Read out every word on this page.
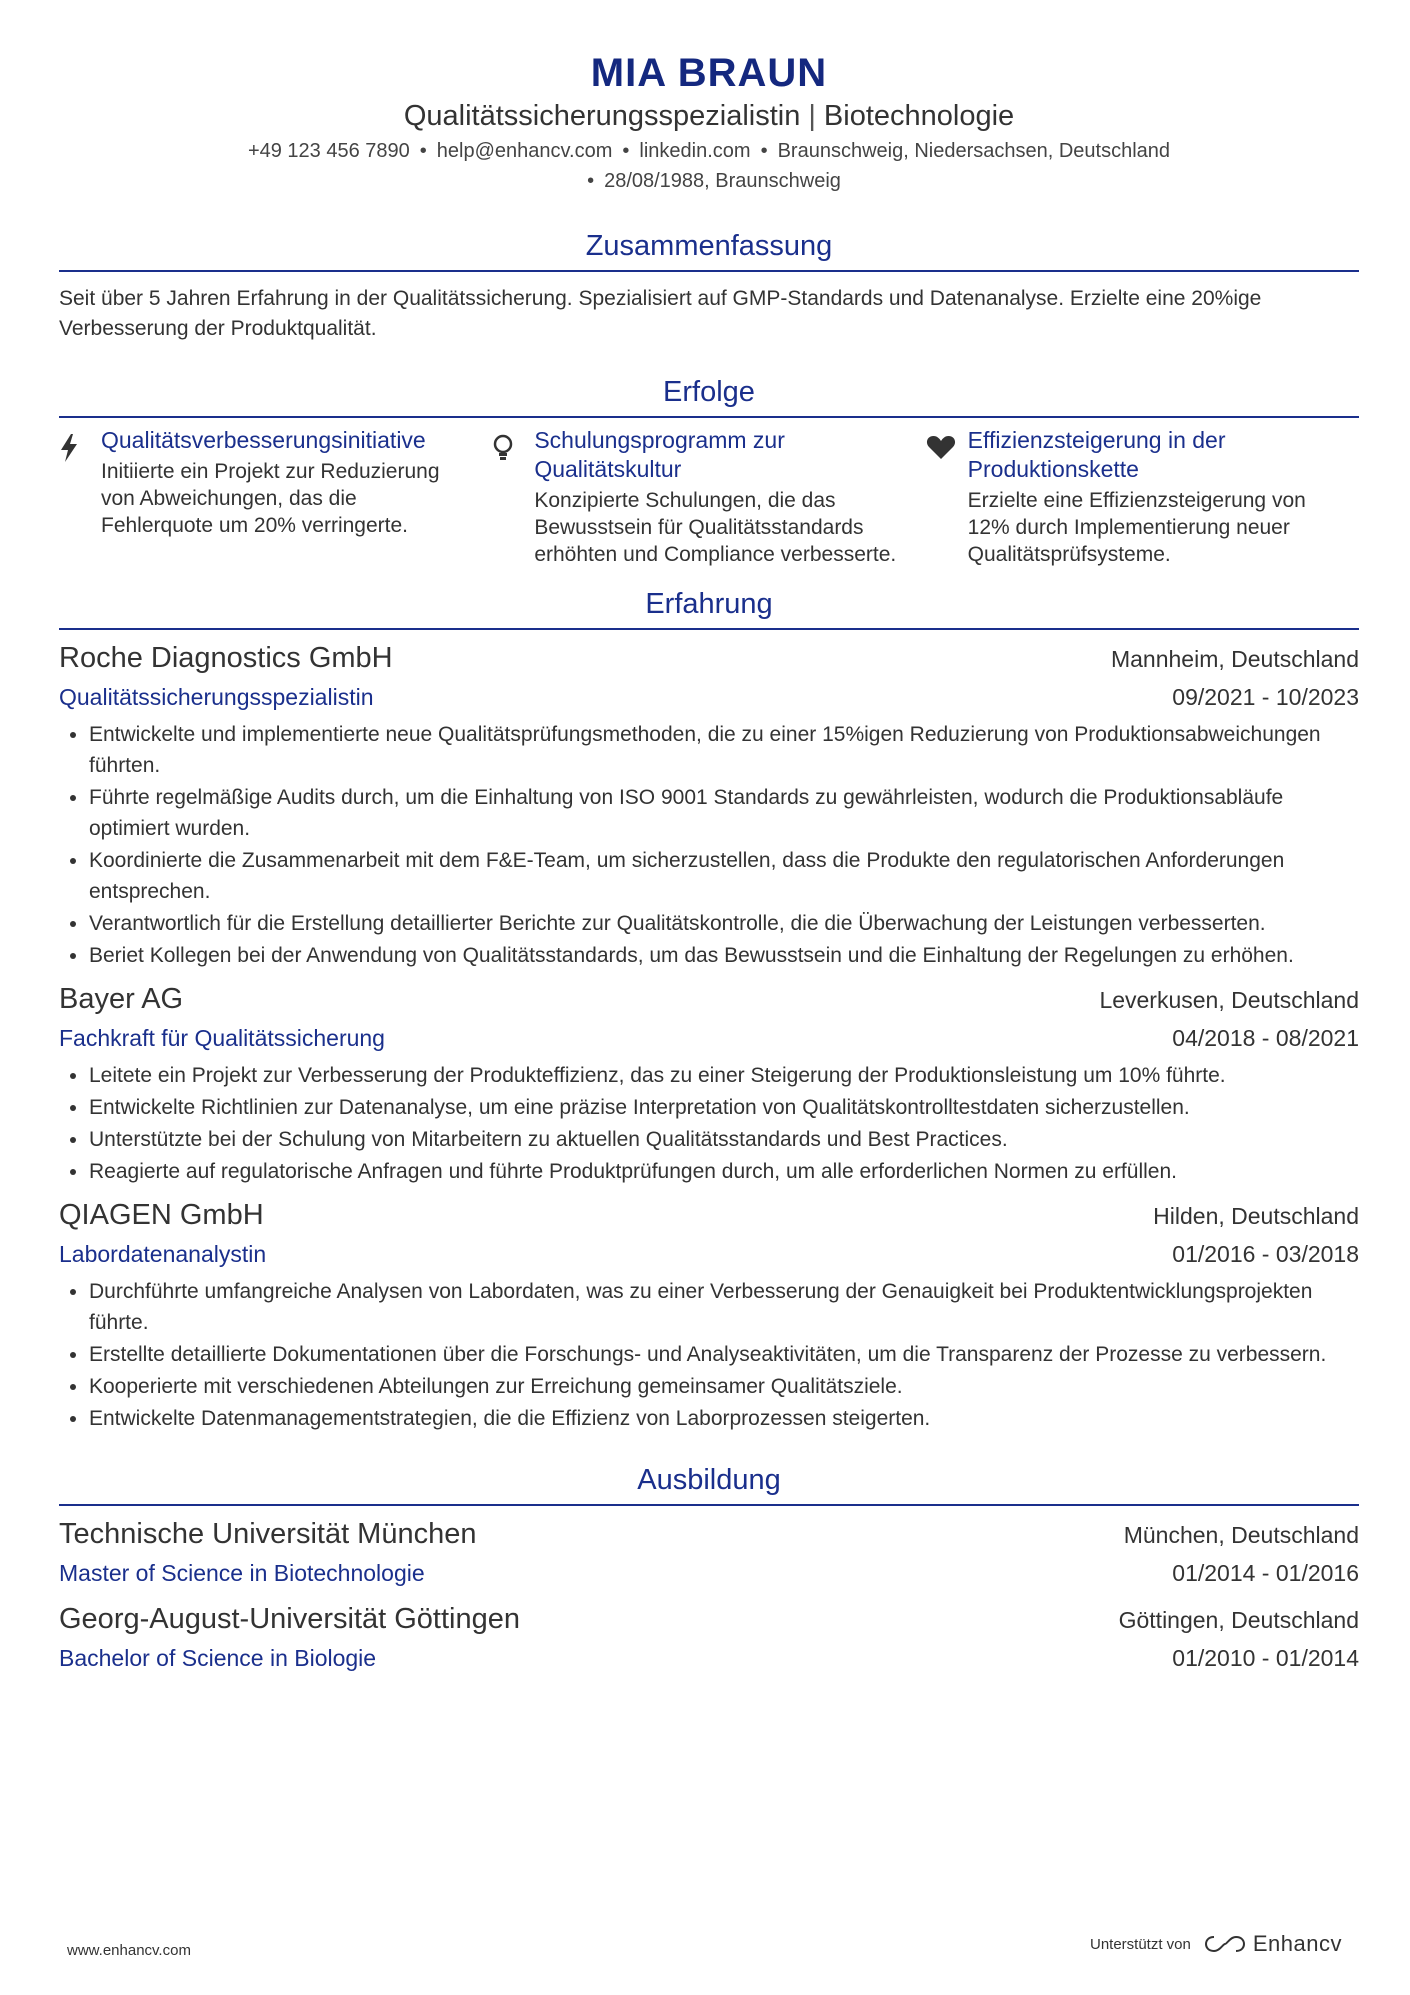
MIA BRAUN
Qualitätssicherungsspezialistin | Biotechnologie
+49 123 456 7890 • help@enhancv.com • linkedin.com • Braunschweig, Niedersachsen, Deutschland
• 28/08/1988, Braunschweig
Zusammenfassung
Seit über 5 Jahren Erfahrung in der Qualitätssicherung. Spezialisiert auf GMP-Standards und Datenanalyse. Erzielte eine 20%ige Verbesserung der Produktqualität.
Erfolge
Qualitätsverbesserungsinitiative
Initiierte ein Projekt zur Reduzierung von Abweichungen, das die Fehlerquote um 20% verringerte.
Schulungsprogramm zur Qualitätskultur
Konzipierte Schulungen, die das Bewusstsein für Qualitätsstandards erhöhten und Compliance verbesserte.
Effizienzsteigerung in der Produktionskette
Erzielte eine Effizienzsteigerung von 12% durch Implementierung neuer Qualitätsprüfsysteme.
Erfahrung
Roche Diagnostics GmbH	Mannheim, Deutschland
Qualitätssicherungsspezialistin	09/2021 - 10/2023
• Entwickelte und implementierte neue Qualitätsprüfungsmethoden, die zu einer 15%igen Reduzierung von Produktionsabweichungen führten.
• Führte regelmäßige Audits durch, um die Einhaltung von ISO 9001 Standards zu gewährleisten, wodurch die Produktionsabläufe optimiert wurden.
• Koordinierte die Zusammenarbeit mit dem F&E-Team, um sicherzustellen, dass die Produkte den regulatorischen Anforderungen entsprechen.
• Verantwortlich für die Erstellung detaillierter Berichte zur Qualitätskontrolle, die die Überwachung der Leistungen verbesserten.
• Beriet Kollegen bei der Anwendung von Qualitätsstandards, um das Bewusstsein und die Einhaltung der Regelungen zu erhöhen.
Bayer AG	Leverkusen, Deutschland
Fachkraft für Qualitätssicherung	04/2018 - 08/2021
• Leitete ein Projekt zur Verbesserung der Produkteffizienz, das zu einer Steigerung der Produktionsleistung um 10% führte.
• Entwickelte Richtlinien zur Datenanalyse, um eine präzise Interpretation von Qualitätskontrolltestdaten sicherzustellen.
• Unterstützte bei der Schulung von Mitarbeitern zu aktuellen Qualitätsstandards und Best Practices.
• Reagierte auf regulatorische Anfragen und führte Produktprüfungen durch, um alle erforderlichen Normen zu erfüllen.
QIAGEN GmbH	Hilden, Deutschland
Labordatenanalystin	01/2016 - 03/2018
• Durchführte umfangreiche Analysen von Labordaten, was zu einer Verbesserung der Genauigkeit bei Produktentwicklungsprojekten führte.
• Erstellte detaillierte Dokumentationen über die Forschungs- und Analyseaktivitäten, um die Transparenz der Prozesse zu verbessern.
• Kooperierte mit verschiedenen Abteilungen zur Erreichung gemeinsamer Qualitätsziele.
• Entwickelte Datenmanagementstrategien, die die Effizienz von Laborprozessen steigerten.
Ausbildung
Technische Universität München	München, Deutschland
Master of Science in Biotechnologie	01/2014 - 01/2016
Georg-August-Universität Göttingen	Göttingen, Deutschland
Bachelor of Science in Biologie	01/2010 - 01/2014
www.enhancv.com	Unterstützt von	Enhancv
